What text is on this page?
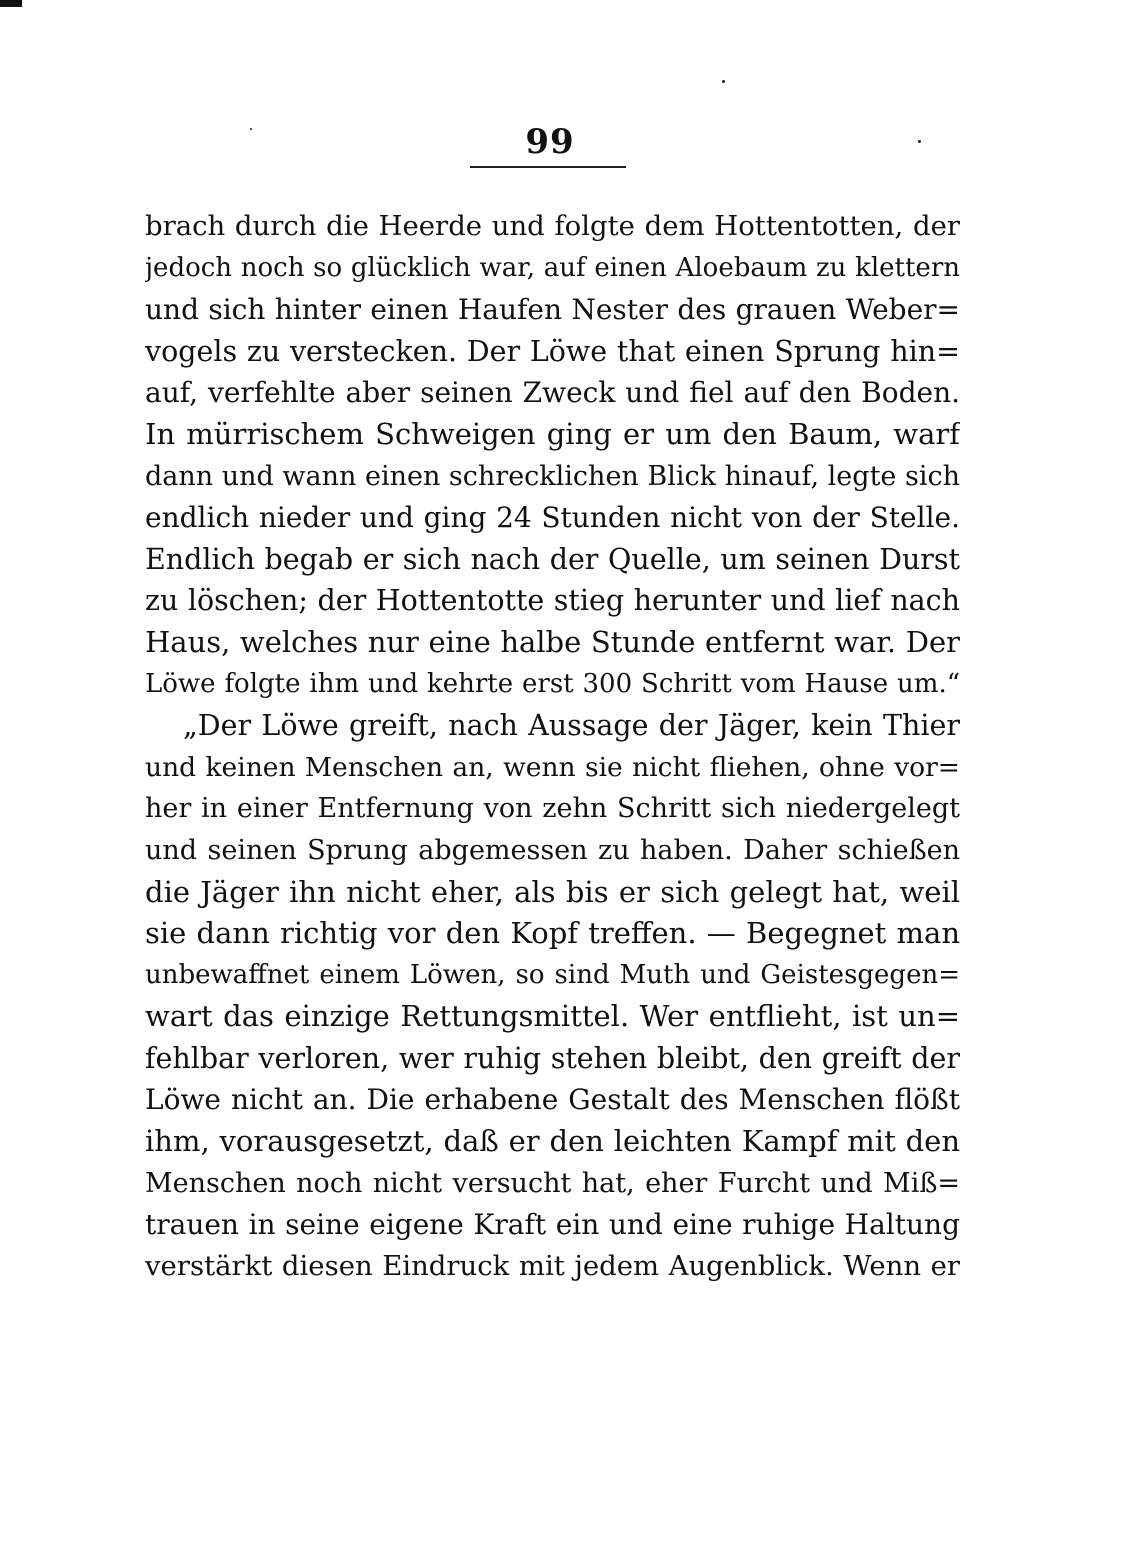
99
brach durch die Heerde und folgte dem Hottentotten, der
jedoch noch so glücklich war, auf einen Aloebaum zu klettern
und sich hinter einen Haufen Nester des grauen Weber=
vogels zu verstecken. Der Löwe that einen Sprung hin=
auf, verfehlte aber seinen Zweck und fiel auf den Boden.
In mürrischem Schweigen ging er um den Baum, warf
dann und wann einen schrecklichen Blick hinauf, legte sich
endlich nieder und ging 24 Stunden nicht von der Stelle.
Endlich begab er sich nach der Quelle, um seinen Durst
zu löschen; der Hottentotte stieg herunter und lief nach
Haus, welches nur eine halbe Stunde entfernt war. Der
Löwe folgte ihm und kehrte erst 300 Schritt vom Hause um.“
„Der Löwe greift, nach Aussage der Jäger, kein Thier
und keinen Menschen an, wenn sie nicht fliehen, ohne vor=
her in einer Entfernung von zehn Schritt sich niedergelegt
und seinen Sprung abgemessen zu haben. Daher schießen
die Jäger ihn nicht eher, als bis er sich gelegt hat, weil
sie dann richtig vor den Kopf treffen. — Begegnet man
unbewaffnet einem Löwen, so sind Muth und Geistesgegen=
wart das einzige Rettungsmittel. Wer entflieht, ist un=
fehlbar verloren, wer ruhig stehen bleibt, den greift der
Löwe nicht an. Die erhabene Gestalt des Menschen flößt
ihm, vorausgesetzt, daß er den leichten Kampf mit den
Menschen noch nicht versucht hat, eher Furcht und Miß=
trauen in seine eigene Kraft ein und eine ruhige Haltung
verstärkt diesen Eindruck mit jedem Augenblick. Wenn er
